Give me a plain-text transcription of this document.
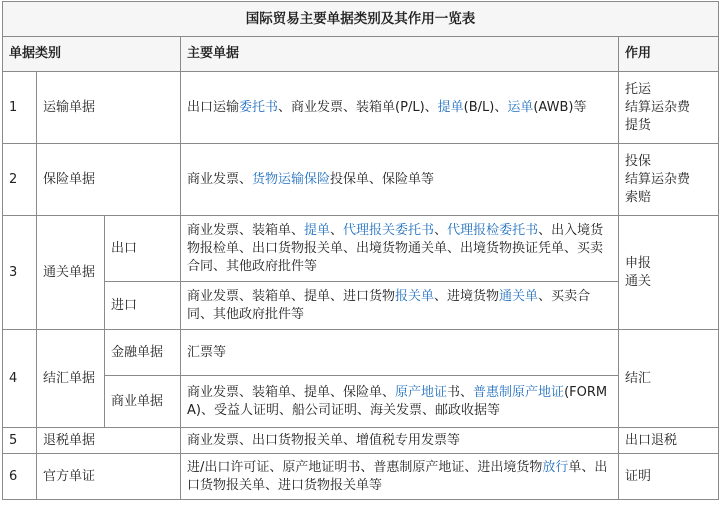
国际贸易主要单据类别及其作用一览表				
单据类别			主要单据	作用
1	运输单据		出口运输委托书、商业发票、装箱单(P/L)、提单(B/L)、运单(AWB)等	托运
结算运杂费
提货

2	保险单据		商业发票、货物运输保险投保单、保险单等	投保
结算运杂费
索赔

3	通关单据	出口	商业发票、装箱单、提单、代理报关委托书、代理报检委托书、出入境货物报检单、出口货物报关单、出境货物通关单、出境货物换证凭单、买卖合同、其他政府批件等	申报
通关

		进口	商业发票、装箱单、提单、进口货物报关单、进境货物通关单、买卖合同、其他政府批件等	
4	结汇单据	金融单据	汇票等	结汇
		商业单据	商业发票、装箱单、提单、保险单、原产地证书、普惠制原产地证(FORM A)、受益人证明、船公司证明、海关发票、邮政收据等	
5	退税单据		商业发票、出口货物报关单、增值税专用发票等	出口退税
6	官方单证		进/出口许可证、原产地证明书、普惠制原产地证、进出境货物放行单、出口货物报关单、进口货物报关单等	证明
